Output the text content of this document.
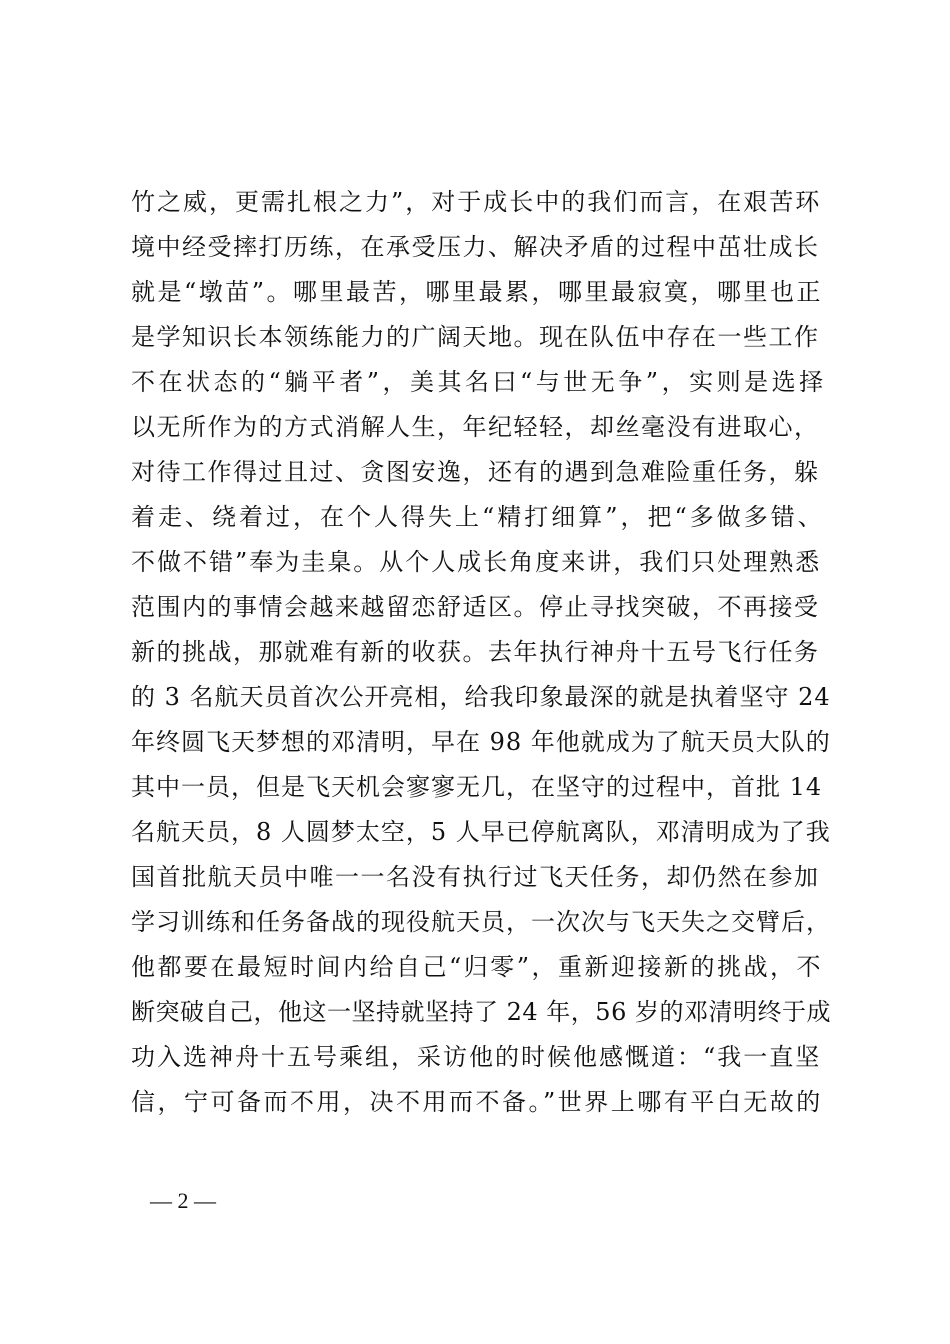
竹之威，更需扎根之力”，对于成长中的我们而言，在艰苦环
境中经受摔打历练，在承受压力、解决矛盾的过程中茁壮成长
就是“墩苗”。哪里最苦，哪里最累，哪里最寂寞，哪里也正
是学知识长本领练能力的广阔天地。现在队伍中存在一些工作
不在状态的“躺平者”，美其名曰“与世无争”，实则是选择
以无所作为的方式消解人生，年纪轻轻，却丝毫没有进取心，
对待工作得过且过、贪图安逸，还有的遇到急难险重任务，躲
着走、绕着过，在个人得失上“精打细算”，把“多做多错、
不做不错”奉为圭臬。从个人成长角度来讲，我们只处理熟悉
范围内的事情会越来越留恋舒适区。停止寻找突破，不再接受
新的挑战，那就难有新的收获。去年执行神舟十五号飞行任务
的 3 名航天员首次公开亮相，给我印象最深的就是执着坚守 24
年终圆飞天梦想的邓清明，早在 98 年他就成为了航天员大队的
其中一员，但是飞天机会寥寥无几，在坚守的过程中，首批 14
名航天员，8 人圆梦太空，5 人早已停航离队，邓清明成为了我
国首批航天员中唯一一名没有执行过飞天任务，却仍然在参加
学习训练和任务备战的现役航天员，一次次与飞天失之交臂后，
他都要在最短时间内给自己“归零”，重新迎接新的挑战，不
断突破自己，他这一坚持就坚持了 24 年，56 岁的邓清明终于成
功入选神舟十五号乘组，采访他的时候他感慨道：“我一直坚
信，宁可备而不用，决不用而不备。”世界上哪有平白无故的
— 2 —
